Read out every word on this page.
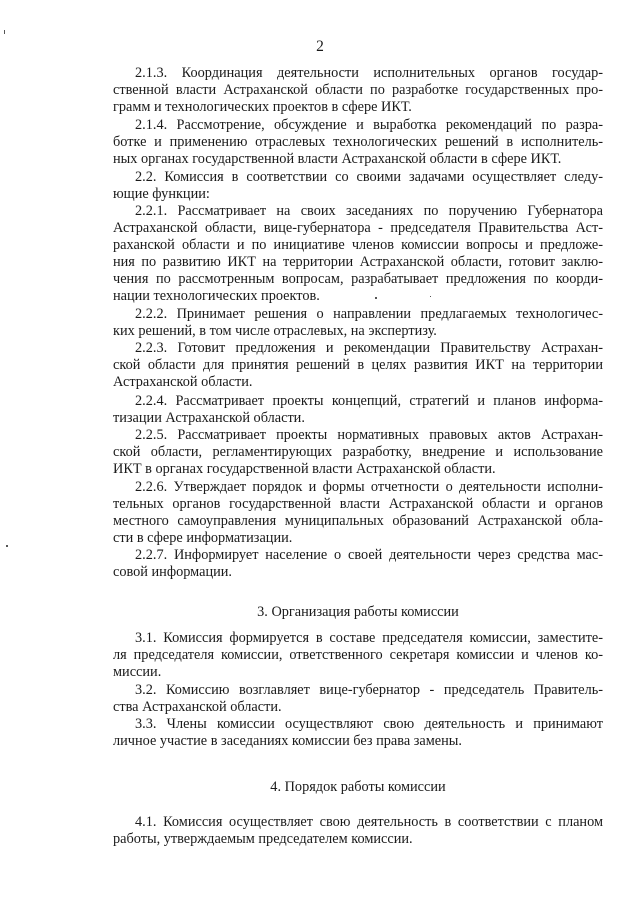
2
2.1.3. Координация деятельности исполнительных органов государ-
ственной власти Астраханской области по разработке государственных про-
грамм и технологических проектов в сфере ИКТ.
2.1.4. Рассмотрение, обсуждение и выработка рекомендаций по разра-
ботке и применению отраслевых технологических решений в исполнитель-
ных органах государственной власти Астраханской области в сфере ИКТ.
2.2. Комиссия в соответствии со своими задачами осуществляет следу-
ющие функции:
2.2.1. Рассматривает на своих заседаниях по поручению Губернатора
Астраханской области, вице-губернатора - председателя Правительства Аст-
раханской области и по инициативе членов комиссии вопросы и предложе-
ния по развитию ИКТ на территории Астраханской области, готовит заклю-
чения по рассмотренным вопросам, разрабатывает предложения по коорди-
нации технологических проектов.
2.2.2. Принимает решения о направлении предлагаемых технологичес-
ких решений, в том числе отраслевых, на экспертизу.
2.2.3. Готовит предложения и рекомендации Правительству Астрахан-
ской области для принятия решений в целях развития ИКТ на территории
Астраханской области.
2.2.4. Рассматривает проекты концепций, стратегий и планов информа-
тизации Астраханской области.
2.2.5. Рассматривает проекты нормативных правовых актов Астрахан-
ской области, регламентирующих разработку, внедрение и использование
ИКТ в органах государственной власти Астраханской области.
2.2.6. Утверждает порядок и формы отчетности о деятельности исполни-
тельных органов государственной власти Астраханской области и органов
местного самоуправления муниципальных образований Астраханской обла-
сти в сфере информатизации.
2.2.7. Информирует население о своей деятельности через средства мас-
совой информации.
3.1. Комиссия формируется в составе председателя комиссии, заместите-
ля председателя комиссии, ответственного секретаря комиссии и членов ко-
миссии.
3.2. Комиссию возглавляет вице-губернатор - председатель Правитель-
ства Астраханской области.
3.3. Члены комиссии осуществляют свою деятельность и принимают
личное участие в заседаниях комиссии без права замены.
4.1. Комиссия осуществляет свою деятельность в соответствии с планом
работы, утверждаемым председателем комиссии.
3. Организация работы комиссии
4. Порядок работы комиссии
